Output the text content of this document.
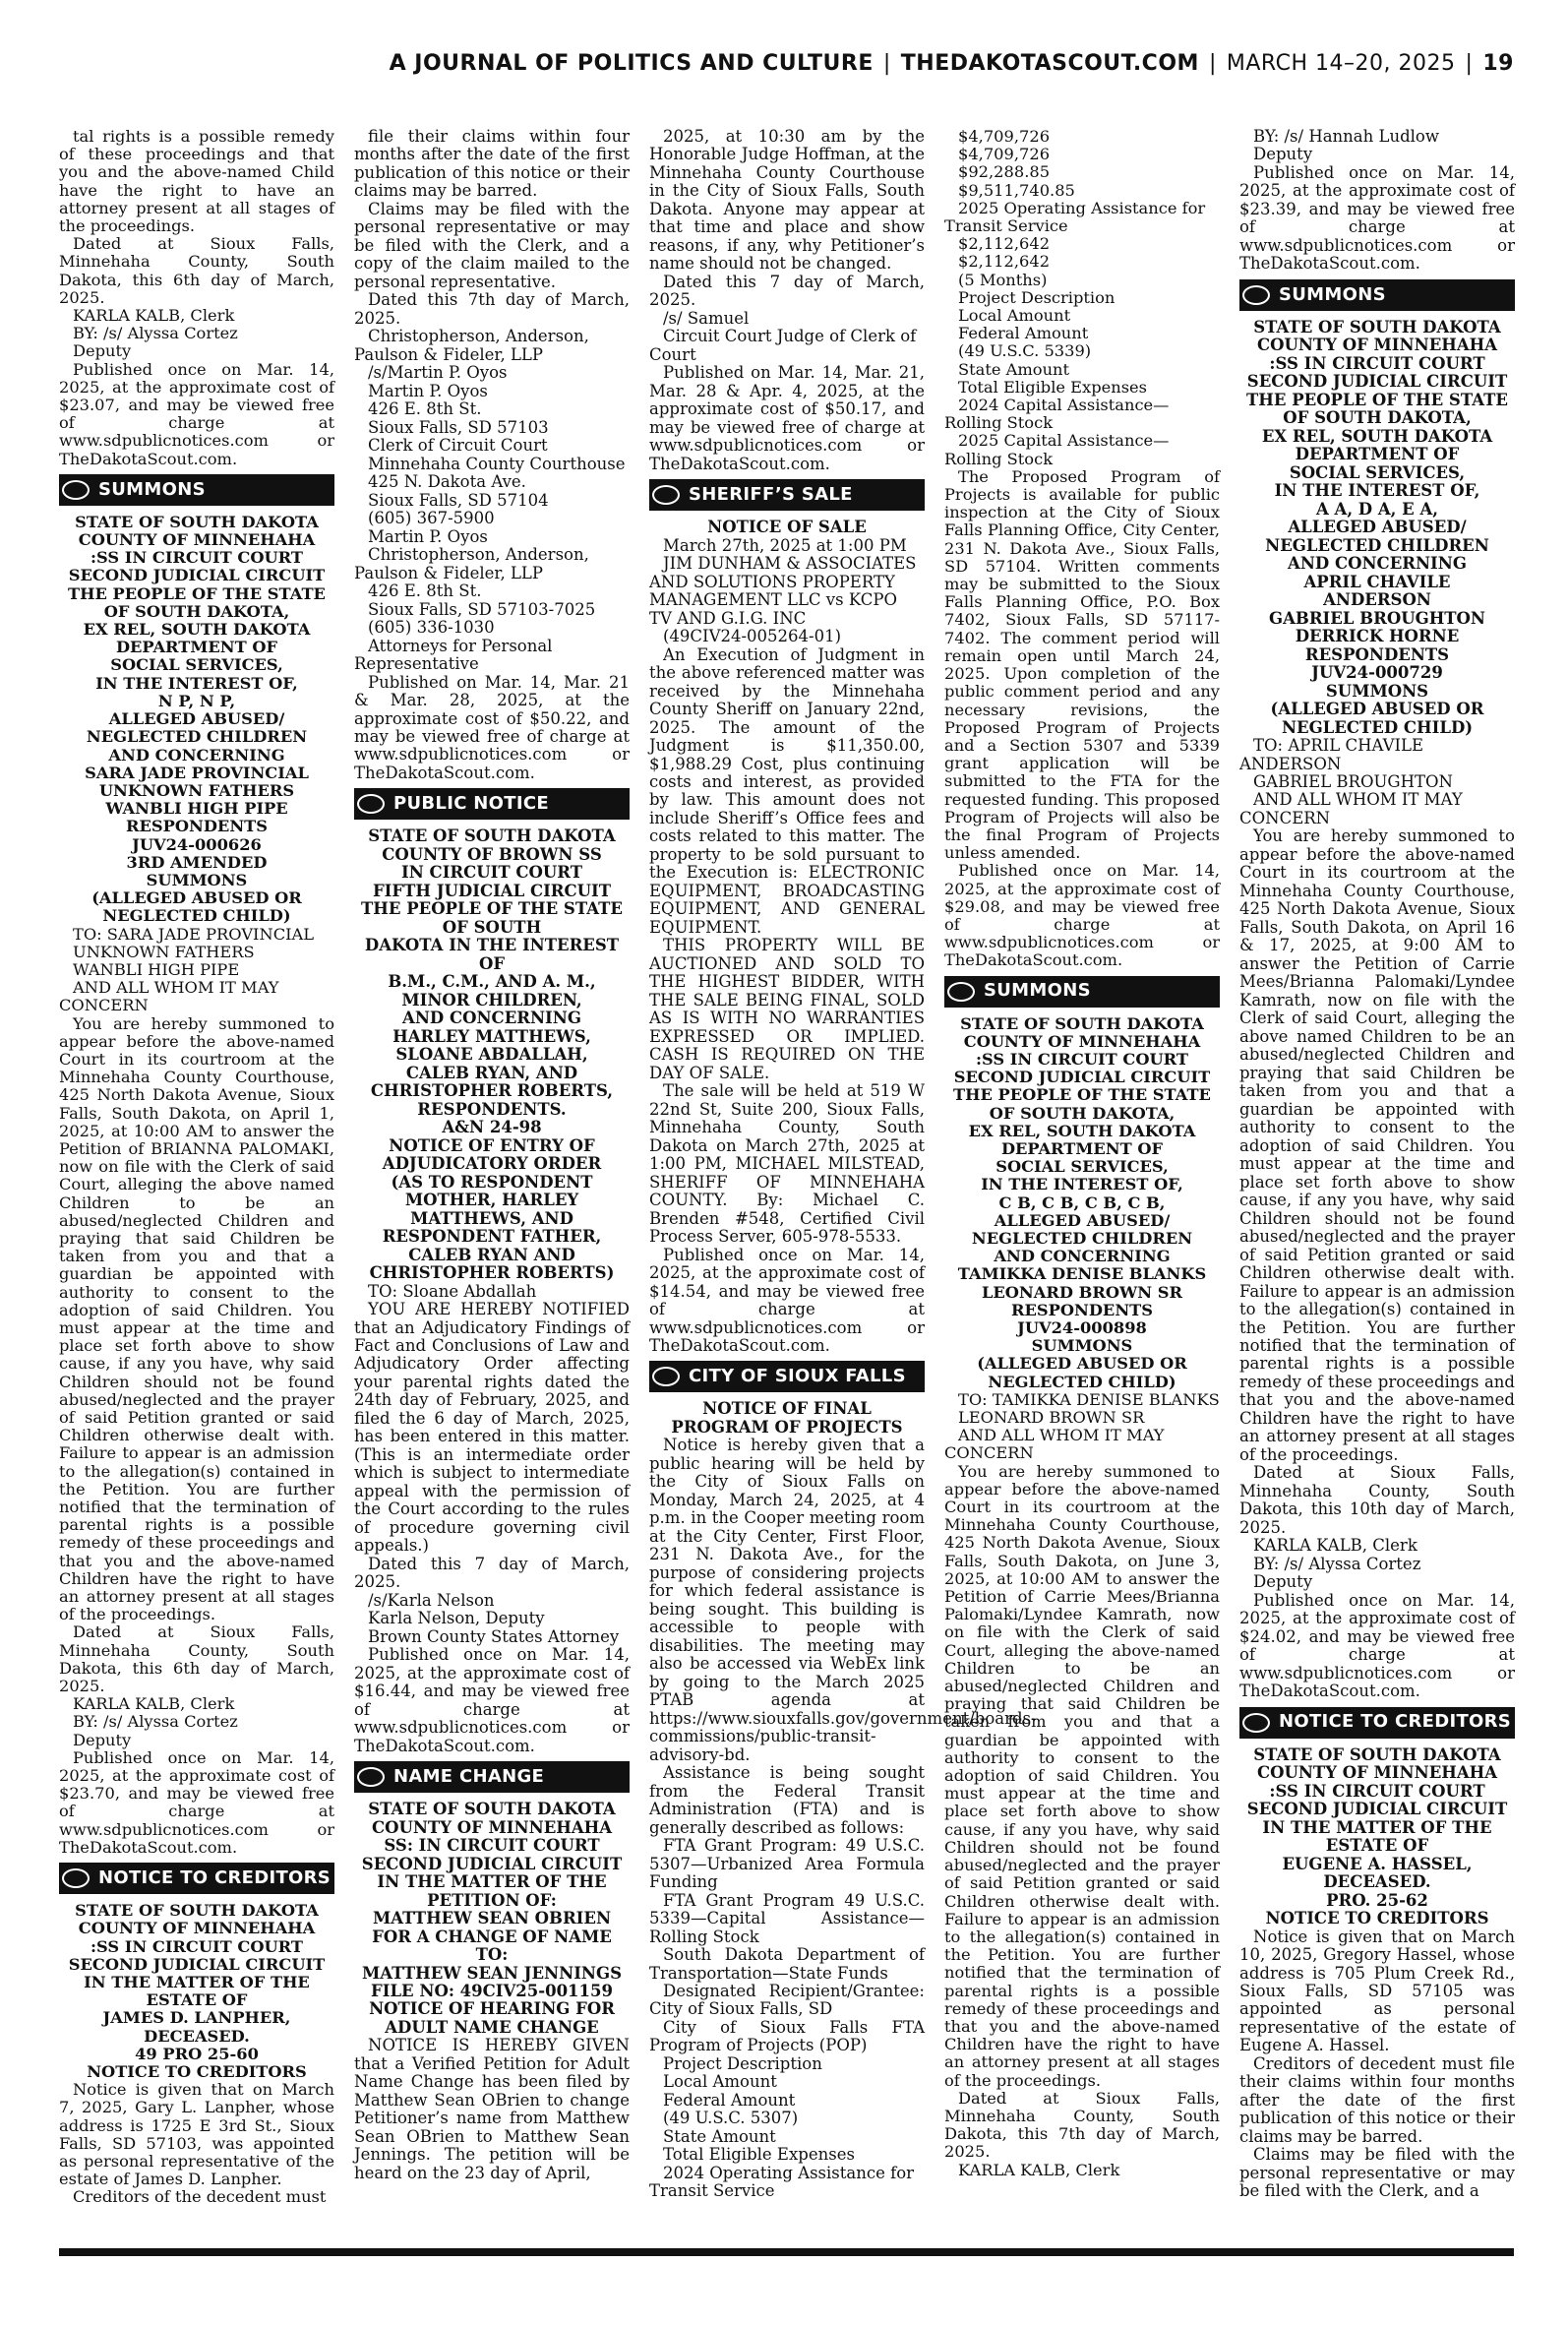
A JOURNAL OF POLITICS AND CULTURE | THEDAKOTASCOUT.COM | MARCH 14–20, 2025 | 19

tal rights is a possible remedy of these proceedings and that you and the above-named Child have the right to have an attorney present at all stages of the proceedings.

Dated at Sioux Falls, Minnehaha County, South Dakota, this 6th day of March, 2025.

KARLA KALB, Clerk

BY: /s/ Alyssa Cortez

Deputy

Published once on Mar. 14, 2025, at the approximate cost of $23.07, and may be viewed free of charge at www.sdpublicnotices.com or TheDakotaScout.com.

SUMMONS

STATE OF SOUTH DAKOTA

COUNTY OF MINNEHAHA

:SS IN CIRCUIT COURT

SECOND JUDICIAL CIRCUIT

THE PEOPLE OF THE STATE

OF SOUTH DAKOTA,

EX REL, SOUTH DAKOTA

DEPARTMENT OF

SOCIAL SERVICES,

IN THE INTEREST OF,

N P, N P,

ALLEGED ABUSED/

NEGLECTED CHILDREN

AND CONCERNING

SARA JADE PROVINCIAL

UNKNOWN FATHERS

WANBLI HIGH PIPE

RESPONDENTS

JUV24-000626

3RD AMENDED

SUMMONS

(ALLEGED ABUSED OR

NEGLECTED CHILD)

TO: SARA JADE PROVINCIAL

UNKNOWN FATHERS

WANBLI HIGH PIPE

AND ALL WHOM IT MAY CONCERN

You are hereby summoned to appear before the above-named Court in its courtroom at the Minnehaha County Courthouse, 425 North Dakota Avenue, Sioux Falls, South Dakota, on April 1, 2025, at 10:00 AM to answer the Petition of BRIANNA PALOMAKI, now on file with the Clerk of said Court, alleging the above named Children to be an abused/neglected Children and praying that said Children be taken from you and that a guardian be appointed with authority to consent to the adoption of said Children. You must appear at the time and place set forth above to show cause, if any you have, why said Children should not be found abused/neglected and the prayer of said Petition granted or said Children otherwise dealt with. Failure to appear is an admission to the allegation(s) contained in the Petition. You are further notified that the termination of parental rights is a possible remedy of these proceedings and that you and the above-named Children have the right to have an attorney present at all stages of the proceedings.

Dated at Sioux Falls, Minnehaha County, South Dakota, this 6th day of March, 2025.

KARLA KALB, Clerk

BY: /s/ Alyssa Cortez

Deputy

Published once on Mar. 14, 2025, at the approximate cost of $23.70, and may be viewed free of charge at www.sdpublicnotices.com or TheDakotaScout.com.

NOTICE TO CREDITORS

STATE OF SOUTH DAKOTA

COUNTY OF MINNEHAHA

:SS IN CIRCUIT COURT

SECOND JUDICIAL CIRCUIT

IN THE MATTER OF THE

ESTATE OF

JAMES D. LANPHER,

DECEASED.

49 PRO 25-60

NOTICE TO CREDITORS

Notice is given that on March 7, 2025, Gary L. Lanpher, whose address is 1725 E 3rd St., Sioux Falls, SD 57103, was appointed as personal representative of the estate of James D. Lanpher.

Creditors of the decedent must

file their claims within four months after the date of the first publication of this notice or their claims may be barred.

Claims may be filed with the personal representative or may be filed with the Clerk, and a copy of the claim mailed to the personal representative.

Dated this 7th day of March, 2025.

Christopherson, Anderson, Paulson & Fideler, LLP

/s/Martin P. Oyos

Martin P. Oyos

426 E. 8th St.

Sioux Falls, SD 57103

Clerk of Circuit Court

Minnehaha County Courthouse

425 N. Dakota Ave.

Sioux Falls, SD 57104

(605) 367-5900

Martin P. Oyos

Christopherson, Anderson, Paulson & Fideler, LLP

426 E. 8th St.

Sioux Falls, SD 57103-7025

(605) 336-1030

Attorneys for Personal Representative

Published on Mar. 14, Mar. 21 & Mar. 28, 2025, at the approximate cost of $50.22, and may be viewed free of charge at www.sdpublicnotices.com or TheDakotaScout.com.

PUBLIC NOTICE

STATE OF SOUTH DAKOTA

COUNTY OF BROWN SS

IN CIRCUIT COURT

FIFTH JUDICIAL CIRCUIT

THE PEOPLE OF THE STATE

OF SOUTH

DAKOTA IN THE INTEREST

OF

B.M., C.M., AND A. M.,

MINOR CHILDREN,

AND CONCERNING

HARLEY MATTHEWS,

SLOANE ABDALLAH,

CALEB RYAN, AND

CHRISTOPHER ROBERTS,

RESPONDENTS.

A&N 24-98

NOTICE OF ENTRY OF

ADJUDICATORY ORDER

(AS TO RESPONDENT

MOTHER, HARLEY

MATTHEWS, AND

RESPONDENT FATHER,

CALEB RYAN AND

CHRISTOPHER ROBERTS)

TO: Sloane Abdallah

YOU ARE HEREBY NOTIFIED that an Adjudicatory Findings of Fact and Conclusions of Law and Adjudicatory Order affecting your parental rights dated the 24th day of February, 2025, and filed the 6 day of March, 2025, has been entered in this matter. (This is an intermediate order which is subject to intermediate appeal with the permission of the Court according to the rules of procedure governing civil appeals.)

Dated this 7 day of March, 2025.

/s/Karla Nelson

Karla Nelson, Deputy

Brown County States Attorney

Published once on Mar. 14, 2025, at the approximate cost of $16.44, and may be viewed free of charge at www.sdpublicnotices.com or TheDakotaScout.com.

NAME CHANGE

STATE OF SOUTH DAKOTA

COUNTY OF MINNEHAHA

SS: IN CIRCUIT COURT

SECOND JUDICIAL CIRCUIT

IN THE MATTER OF THE

PETITION OF:

MATTHEW SEAN OBRIEN

FOR A CHANGE OF NAME

TO:

MATTHEW SEAN JENNINGS

FILE NO: 49CIV25-001159

NOTICE OF HEARING FOR

ADULT NAME CHANGE

NOTICE IS HEREBY GIVEN that a Verified Petition for Adult Name Change has been filed by Matthew Sean OBrien to change Petitioner’s name from Matthew Sean OBrien to Matthew Sean Jennings. The petition will be heard on the 23 day of April,

2025, at 10:30 am by the Honorable Judge Hoffman, at the Minnehaha County Courthouse in the City of Sioux Falls, South Dakota. Anyone may appear at that time and place and show reasons, if any, why Petitioner’s name should not be changed.

Dated this 7 day of March, 2025.

/s/ Samuel

Circuit Court Judge of Clerk of Court

Published on Mar. 14, Mar. 21, Mar. 28 & Apr. 4, 2025, at the approximate cost of $50.17, and may be viewed free of charge at www.sdpublicnotices.com or TheDakotaScout.com.

SHERIFF’S SALE

NOTICE OF SALE

March 27th, 2025 at 1:00 PM

JIM DUNHAM & ASSOCIATES AND SOLUTIONS PROPERTY MANAGEMENT LLC vs KCPO TV AND G.I.G. INC

(49CIV24-005264-01)

An Execution of Judgment in the above referenced matter was received by the Minnehaha County Sheriff on January 22nd, 2025. The amount of the Judgment is $11,350.00, $1,988.29 Cost, plus continuing costs and interest, as provided by law. This amount does not include Sheriff’s Office fees and costs related to this matter. The property to be sold pursuant to the Execution is: ELECTRONIC EQUIPMENT, BROADCASTING EQUIPMENT, AND GENERAL EQUIPMENT.

THIS PROPERTY WILL BE AUCTIONED AND SOLD TO THE HIGHEST BIDDER, WITH THE SALE BEING FINAL, SOLD AS IS WITH NO WARRANTIES EXPRESSED OR IMPLIED. CASH IS REQUIRED ON THE DAY OF SALE.

The sale will be held at 519 W 22nd St, Suite 200, Sioux Falls, Minnehaha County, South Dakota on March 27th, 2025 at 1:00 PM, MICHAEL MILSTEAD, SHERIFF OF MINNEHAHA COUNTY. By: Michael C. Brenden #548, Certified Civil Process Server, 605-978-5533.

Published once on Mar. 14, 2025, at the approximate cost of $14.54, and may be viewed free of charge at www.sdpublicnotices.com or TheDakotaScout.com.

CITY OF SIOUX FALLS

NOTICE OF FINAL

PROGRAM OF PROJECTS

Notice is hereby given that a public hearing will be held by the City of Sioux Falls on Monday, March 24, 2025, at 4 p.m. in the Cooper meeting room at the City Center, First Floor, 231 N. Dakota Ave., for the purpose of considering projects for which federal assistance is being sought. This building is accessible to people with disabilities. The meeting may also be accessed via WebEx link by going to the March 2025 PTAB agenda at https://www.siouxfalls.gov/government/boards-commissions/public-transit-advisory-bd.

Assistance is being sought from the Federal Transit Administration (FTA) and is generally described as follows:

FTA Grant Program: 49 U.S.C. 5307—Urbanized Area Formula Funding

FTA Grant Program 49 U.S.C. 5339—Capital Assistance—Rolling Stock

South Dakota Department of Transportation—State Funds

Designated Recipient/Grantee: City of Sioux Falls, SD

City of Sioux Falls FTA Program of Projects (POP)

Project Description

Local Amount

Federal Amount

(49 U.S.C. 5307)

State Amount

Total Eligible Expenses

2024 Operating Assistance for Transit Service

$4,709,726

$4,709,726

$92,288.85

$9,511,740.85

2025 Operating Assistance for Transit Service

$2,112,642

$2,112,642

(5 Months)

Project Description

Local Amount

Federal Amount

(49 U.S.C. 5339)

State Amount

Total Eligible Expenses

2024 Capital Assistance—Rolling Stock

2025 Capital Assistance—Rolling Stock

The Proposed Program of Projects is available for public inspection at the City of Sioux Falls Planning Office, City Center, 231 N. Dakota Ave., Sioux Falls, SD 57104. Written comments may be submitted to the Sioux Falls Planning Office, P.O. Box 7402, Sioux Falls, SD 57117-7402. The comment period will remain open until March 24, 2025. Upon completion of the public comment period and any necessary revisions, the Proposed Program of Projects and a Section 5307 and 5339 grant application will be submitted to the FTA for the requested funding. This proposed Program of Projects will also be the final Program of Projects unless amended.

Published once on Mar. 14, 2025, at the approximate cost of $29.08, and may be viewed free of charge at www.sdpublicnotices.com or TheDakotaScout.com.

SUMMONS

STATE OF SOUTH DAKOTA

COUNTY OF MINNEHAHA

:SS IN CIRCUIT COURT

SECOND JUDICIAL CIRCUIT

THE PEOPLE OF THE STATE

OF SOUTH DAKOTA,

EX REL, SOUTH DAKOTA

DEPARTMENT OF

SOCIAL SERVICES,

IN THE INTEREST OF,

C B, C B, C B, C B,

ALLEGED ABUSED/

NEGLECTED CHILDREN

AND CONCERNING

TAMIKKA DENISE BLANKS

LEONARD BROWN SR

RESPONDENTS

JUV24-000898

SUMMONS

(ALLEGED ABUSED OR

NEGLECTED CHILD)

TO: TAMIKKA DENISE BLANKS

LEONARD BROWN SR

AND ALL WHOM IT MAY CONCERN

You are hereby summoned to appear before the above-named Court in its courtroom at the Minnehaha County Courthouse, 425 North Dakota Avenue, Sioux Falls, South Dakota, on June 3, 2025, at 10:00 AM to answer the Petition of Carrie Mees/Brianna Palomaki/Lyndee Kamrath, now on file with the Clerk of said Court, alleging the above-named Children to be an abused/neglected Children and praying that said Children be taken from you and that a guardian be appointed with authority to consent to the adoption of said Children. You must appear at the time and place set forth above to show cause, if any you have, why said Children should not be found abused/neglected and the prayer of said Petition granted or said Children otherwise dealt with. Failure to appear is an admission to the allegation(s) contained in the Petition. You are further notified that the termination of parental rights is a possible remedy of these proceedings and that you and the above-named Children have the right to have an attorney present at all stages of the proceedings.

Dated at Sioux Falls, Minnehaha County, South Dakota, this 7th day of March, 2025.

KARLA KALB, Clerk

BY: /s/ Hannah Ludlow

Deputy

Published once on Mar. 14, 2025, at the approximate cost of $23.39, and may be viewed free of charge at www.sdpublicnotices.com or TheDakotaScout.com.

SUMMONS

STATE OF SOUTH DAKOTA

COUNTY OF MINNEHAHA

:SS IN CIRCUIT COURT

SECOND JUDICIAL CIRCUIT

THE PEOPLE OF THE STATE

OF SOUTH DAKOTA,

EX REL, SOUTH DAKOTA

DEPARTMENT OF

SOCIAL SERVICES,

IN THE INTEREST OF,

A A, D A, E A,

ALLEGED ABUSED/

NEGLECTED CHILDREN

AND CONCERNING

APRIL CHAVILE

ANDERSON

GABRIEL BROUGHTON

DERRICK HORNE

RESPONDENTS

JUV24-000729

SUMMONS

(ALLEGED ABUSED OR

NEGLECTED CHILD)

TO: APRIL CHAVILE ANDERSON

GABRIEL BROUGHTON

AND ALL WHOM IT MAY CONCERN

You are hereby summoned to appear before the above-named Court in its courtroom at the Minnehaha County Courthouse, 425 North Dakota Avenue, Sioux Falls, South Dakota, on April 16 & 17, 2025, at 9:00 AM to answer the Petition of Carrie Mees/Brianna Palomaki/Lyndee Kamrath, now on file with the Clerk of said Court, alleging the above named Children to be an abused/neglected Children and praying that said Children be taken from you and that a guardian be appointed with authority to consent to the adoption of said Children. You must appear at the time and place set forth above to show cause, if any you have, why said Children should not be found abused/neglected and the prayer of said Petition granted or said Children otherwise dealt with. Failure to appear is an admission to the allegation(s) contained in the Petition. You are further notified that the termination of parental rights is a possible remedy of these proceedings and that you and the above-named Children have the right to have an attorney present at all stages of the proceedings.

Dated at Sioux Falls, Minnehaha County, South Dakota, this 10th day of March, 2025.

KARLA KALB, Clerk

BY: /s/ Alyssa Cortez

Deputy

Published once on Mar. 14, 2025, at the approximate cost of $24.02, and may be viewed free of charge at www.sdpublicnotices.com or TheDakotaScout.com.

NOTICE TO CREDITORS

STATE OF SOUTH DAKOTA

COUNTY OF MINNEHAHA

:SS IN CIRCUIT COURT

SECOND JUDICIAL CIRCUIT

IN THE MATTER OF THE

ESTATE OF

EUGENE A. HASSEL,

DECEASED.

PRO. 25-62

NOTICE TO CREDITORS

Notice is given that on March 10, 2025, Gregory Hassel, whose address is 705 Plum Creek Rd., Sioux Falls, SD 57105 was appointed as personal representative of the estate of Eugene A. Hassel.

Creditors of decedent must file their claims within four months after the date of the first publication of this notice or their claims may be barred.

Claims may be filed with the personal representative or may be filed with the Clerk, and a
